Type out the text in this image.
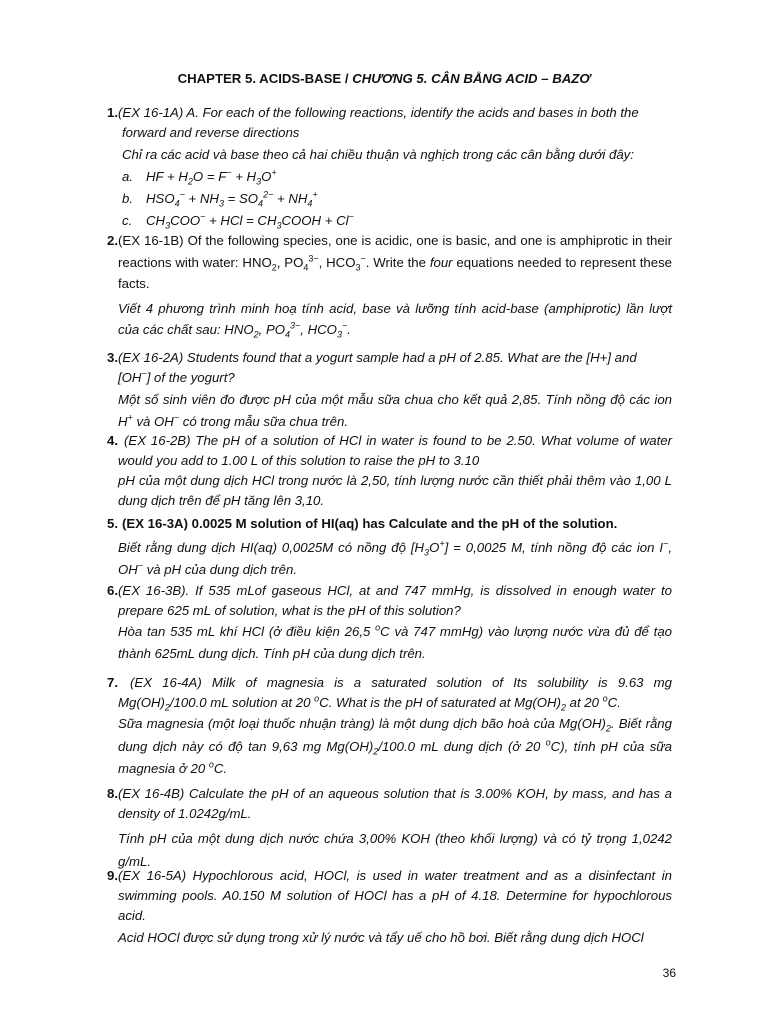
CHAPTER 5. ACIDS-BASE / CHƯƠNG 5. CÂN BẰNG ACID – BAZƠ
1. (EX 16-1A) A. For each of the following reactions, identify the acids and bases in both the
forward and reverse directions
Chỉ ra các acid và base theo cả hai chiều thuận và nghịch trong các cân bằng dưới đây:
a. HF + $H_2O = F^- + H_3O^+$
b. $HSO_4^- + NH_3 = SO_4^{2-} + NH_4^+$
c. $CH_3COO^-$ + HCl = $CH_3COOH + Cl^-$
2. (EX 16-1B) Of the following species, one is acidic, one is basic, and one is amphiprotic in their reactions with water: $HNO_2$, $PO_4^{3-}$, $HCO_3^-$. Write the four equations needed to represent these facts.
Viết 4 phương trình minh hoạ tính acid, base và lưỡng tính acid-base (amphiprotic) lần lượt của các chất sau: $HNO_2$, $PO_4^{3-}$, $HCO_3^-$.
3. (EX 16-2A) Students found that a yogurt sample had a pH of 2.85. What are the [H+] and [OH−] of the yogurt?
Một số sinh viên đo được pH của một mẫu sữa chua cho kết quả 2,85. Tính nồng độ các ion H+ và OH− có trong mẫu sữa chua trên.
4. (EX 16-2B) The pH of a solution of HCl in water is found to be 2.50. What volume of water would you add to 1.00 L of this solution to raise the pH to 3.10
pH của một dung dịch HCl trong nước là 2,50, tính lượng nước cần thiết phải thêm vào 1,00 L dung dịch trên để pH tăng lên 3,10.
5. (EX 16-3A) 0.0025 M solution of HI(aq) has Calculate and the pH of the solution.
Biết rằng dung dịch HI(aq) 0,0025M có nồng độ $[H_3O^+] = 0,0025$ M, tính nồng độ các ion I−, OH− và pH của dung dịch trên.
6. (EX 16-3B). If 535 mLof gaseous HCl, at and 747 mmHg, is dissolved in enough water to prepare 625 mL of solution, what is the pH of this solution?
Hòa tan 535 mL khí HCl (ở điều kiện 26,5 $^o$C và 747 mmHg) vào lượng nước vừa đủ để tạo thành 625mL dung dịch. Tính pH của dung dịch trên.
7. (EX 16-4A) Milk of magnesia is a saturated solution of Its solubility is 9.63 mg $Mg(OH)_2/100.0$ mL solution at 20 $^o$C. What is the pH of saturated at $Mg(OH)_2$ at 20 $^o$C.
Sữa magnesia (một loại thuốc nhuận tràng) là một dung dịch bão hoà của $Mg(OH)_2$. Biết rằng dung dịch này có độ tan 9,63 mg $Mg(OH)_2/100.0$ mL dung dịch (ở 20 $^o$C), tính pH của sữa magnesia ở 20 $^o$C.
8. (EX 16-4B) Calculate the pH of an aqueous solution that is 3.00% KOH, by mass, and has a density of 1.0242g/mL.
Tính pH của một dung dịch nước chứa 3,00% KOH (theo khối lượng) và có tỷ trọng 1,0242 g/mL.
9. (EX 16-5A) Hypochlorous acid, HOCl, is used in water treatment and as a disinfectant in swimming pools. A0.150 M solution of HOCl has a pH of 4.18. Determine for hypochlorous acid.
Acid HOCl được sử dụng trong xử lý nước và tẩy uế cho hồ bơi. Biết rằng dung dịch HOCl
36
